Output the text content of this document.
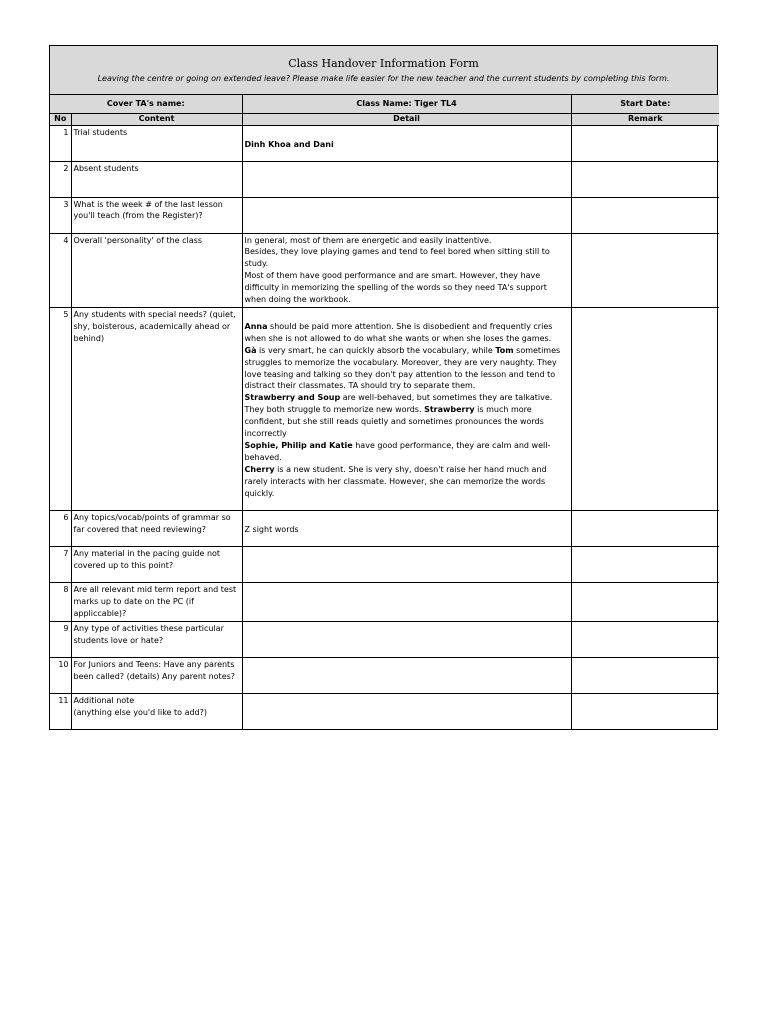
Class Handover Information Form
Leaving the centre or going on extended leave? Please make life easier for the new teacher and the current students by completing this form.
Cover TA's name:		Class Name: Tiger TL4	Start Date:
No	Content	Detail	Remark
1	Trial students	Dinh Khoa and Dani	
2	Absent students		
3	What is the week # of the last lesson you'll teach (from the Register)?		
4	Overall 'personality' of the class	In general, most of them are energetic and easily inattentive.

Besides, they love playing games and tend to feel bored when sitting still to study.

Most of them have good performance and are smart. However, they have difficulty in memorizing the spelling of the words so they need TA's support when doing the workbook.	

5	Any students with special needs? (quiet, shy, boisterous, academically ahead or behind)	Anna should be paid more attention. She is disobedient and frequently cries when she is not allowed to do what she wants or when she loses the games.

Gà is very smart, he can quickly absorb the vocabulary, while Tom sometimes struggles to memorize the vocabulary. Moreover, they are very naughty. They love teasing and talking so they don't pay attention to the lesson and tend to distract their classmates. TA should try to separate them.

Strawberry and Soup are well-behaved, but sometimes they are talkative. They both struggle to memorize new words. Strawberry is much more confident, but she still reads quietly and sometimes pronounces the words incorrectly

Sophie, Philip and Katie have good performance, they are calm and well-behaved.

Cherry is a new student. She is very shy, doesn't raise her hand much and rarely interacts with her classmate. However, she can memorize the words quickly.	

6	Any topics/vocab/points of grammar so far covered that need reviewing?	Z sight words	
7	Any material in the pacing guide not covered up to this point?		
8	Are all relevant mid term report and test marks up to date on the PC (if appliccable)?		
9	Any type of activities these particular students love or hate?		
10	For Juniors and Teens: Have any parents been called? (details) Any parent notes?		
11	Additional note
(anything else you'd like to add?)		
